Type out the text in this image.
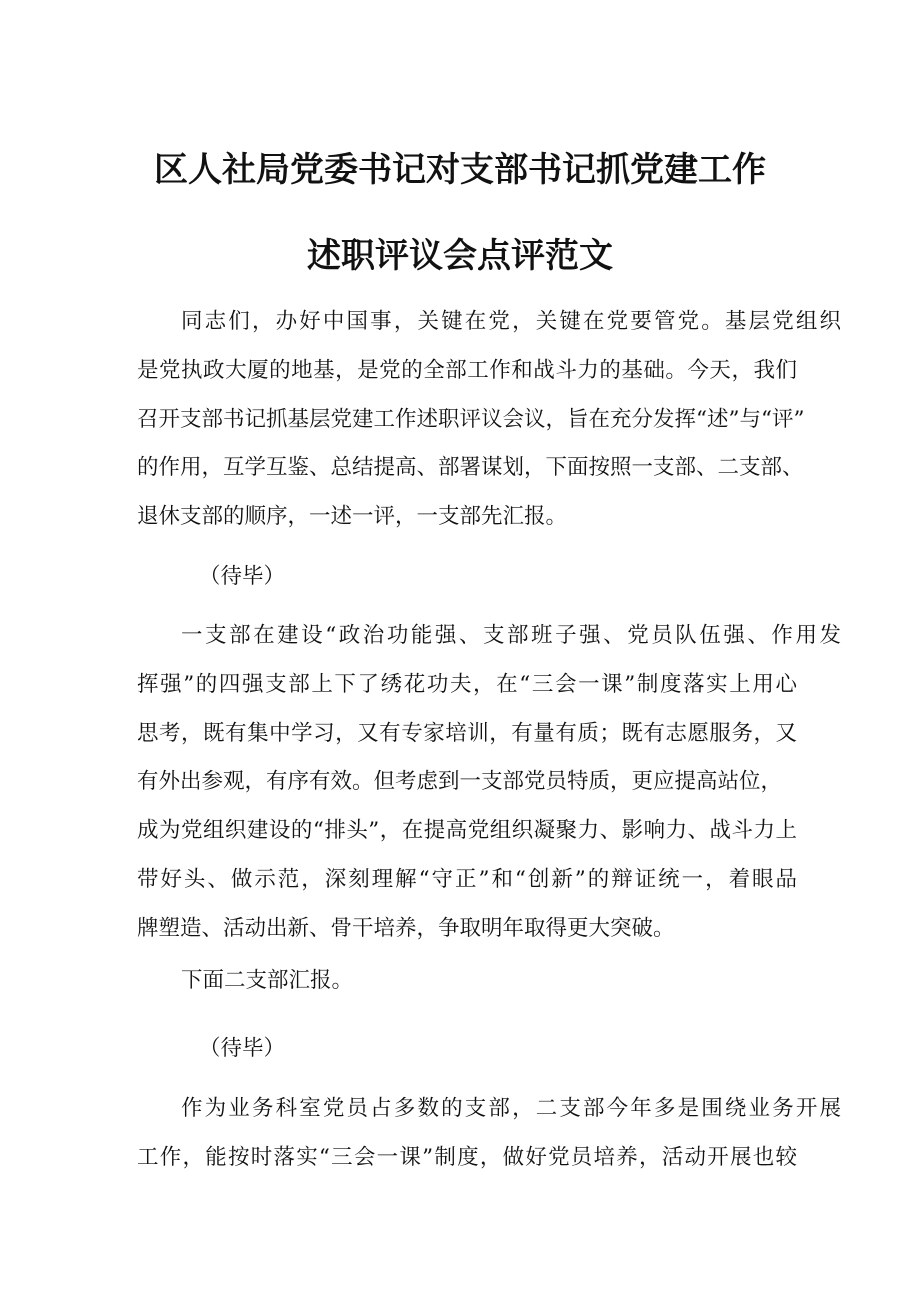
区人社局党委书记对支部书记抓党建工作
述职评议会点评范文
同志们，办好中国事，关键在党，关键在党要管党。基层党组织
是党执政大厦的地基，是党的全部工作和战斗力的基础。今天，我们
召开支部书记抓基层党建工作述职评议会议，旨在充分发挥“述”与“评”
的作用，互学互鉴、总结提高、部署谋划，下面按照一支部、二支部、
退休支部的顺序，一述一评，一支部先汇报。
（待毕）
一支部在建设“政治功能强、支部班子强、党员队伍强、作用发
挥强”的四强支部上下了绣花功夫，在“三会一课”制度落实上用心
思考，既有集中学习，又有专家培训，有量有质；既有志愿服务，又
有外出参观，有序有效。但考虑到一支部党员特质，更应提高站位，
成为党组织建设的“排头”，在提高党组织凝聚力、影响力、战斗力上
带好头、做示范，深刻理解“守正”和“创新”的辩证统一，着眼品
牌塑造、活动出新、骨干培养，争取明年取得更大突破。
下面二支部汇报。
（待毕）
作为业务科室党员占多数的支部，二支部今年多是围绕业务开展
工作，能按时落实“三会一课”制度，做好党员培养，活动开展也较
